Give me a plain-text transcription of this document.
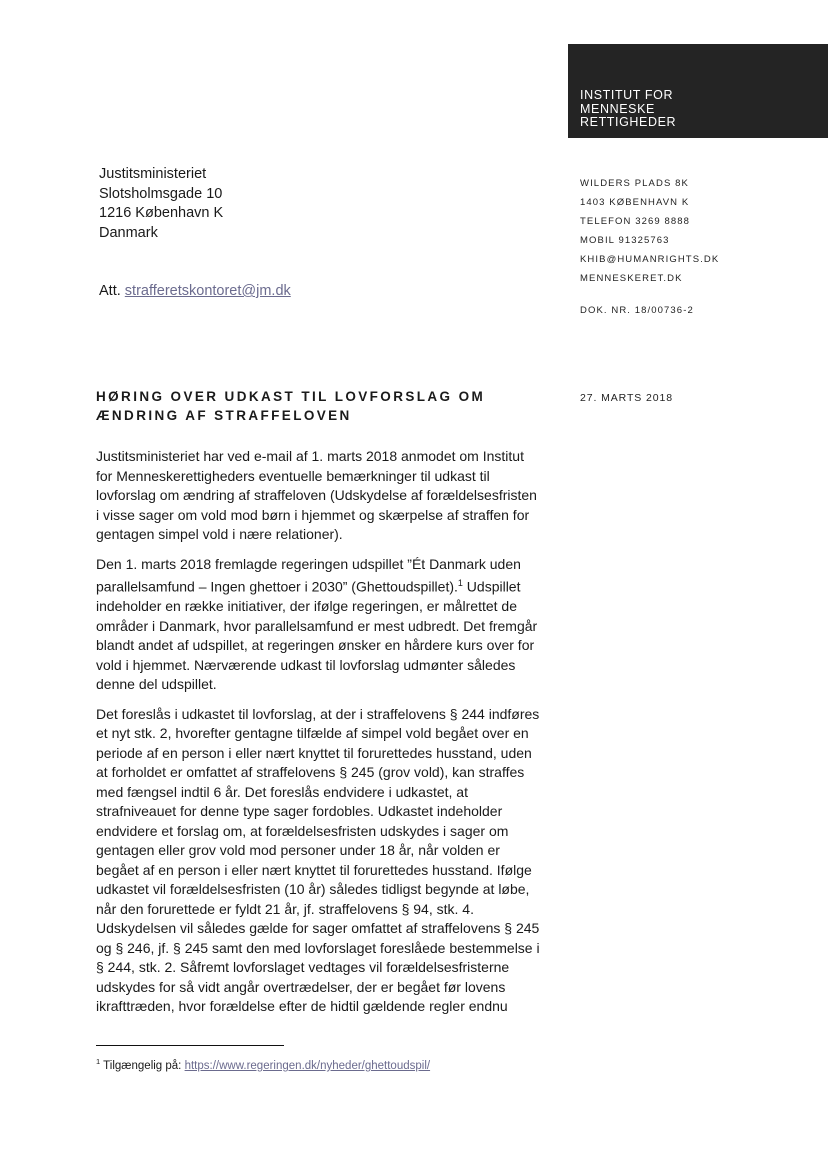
INSTITUT FOR
MENNESKE
RETTIGHEDER
Justitsministeriet
Slotsholmsgade 10
1216 København K
Danmark
Att. strafferetskontoret@jm.dk
WILDERS PLADS 8K
1403 KØBENHAVN K
TELEFON 3269 8888
MOBIL 91325763
KHIB@HUMANRIGHTS.DK
MENNESKERET.DK
DOK. NR. 18/00736-2
27. MARTS 2018
HØRING OVER UDKAST TIL LOVFORSLAG OM
ÆNDRING AF STRAFFELOVEN
Justitsministeriet har ved e-mail af 1. marts 2018 anmodet om Institut
for Menneskerettigheders eventuelle bemærkninger til udkast til
lovforslag om ændring af straffeloven (Udskydelse af forældelsesfristen
i visse sager om vold mod børn i hjemmet og skærpelse af straffen for
gentagen simpel vold i nære relationer).
Den 1. marts 2018 fremlagde regeringen udspillet ”Ét Danmark uden
parallelsamfund – Ingen ghettoer i 2030” (Ghettoudspillet).$^1$ Udspillet
indeholder en række initiativer, der ifølge regeringen, er målrettet de
områder i Danmark, hvor parallelsamfund er mest udbredt. Det fremgår
blandt andet af udspillet, at regeringen ønsker en hårdere kurs over for
vold i hjemmet. Nærværende udkast til lovforslag udmønter således
denne del udspillet.
Det foreslås i udkastet til lovforslag, at der i straffelovens § 244 indføres
et nyt stk. 2, hvorefter gentagne tilfælde af simpel vold begået over en
periode af en person i eller nært knyttet til forurettedes husstand, uden
at forholdet er omfattet af straffelovens § 245 (grov vold), kan straffes
med fængsel indtil 6 år. Det foreslås endvidere i udkastet, at
strafniveauet for denne type sager fordobles. Udkastet indeholder
endvidere et forslag om, at forældelsesfristen udskydes i sager om
gentagen eller grov vold mod personer under 18 år, når volden er
begået af en person i eller nært knyttet til forurettedes husstand. Ifølge
udkastet vil forældelsesfristen (10 år) således tidligst begynde at løbe,
når den forurettede er fyldt 21 år, jf. straffelovens § 94, stk. 4.
Udskydelsen vil således gælde for sager omfattet af straffelovens § 245
og § 246, jf. § 245 samt den med lovforslaget foreslåede bestemmelse i
§ 244, stk. 2. Såfremt lovforslaget vedtages vil forældelsesfristerne
udskydes for så vidt angår overtrædelser, der er begået før lovens
ikrafttræden, hvor forældelse efter de hidtil gældende regler endnu
$^1$ Tilgængelig på: https://www.regeringen.dk/nyheder/ghettoudspil/
